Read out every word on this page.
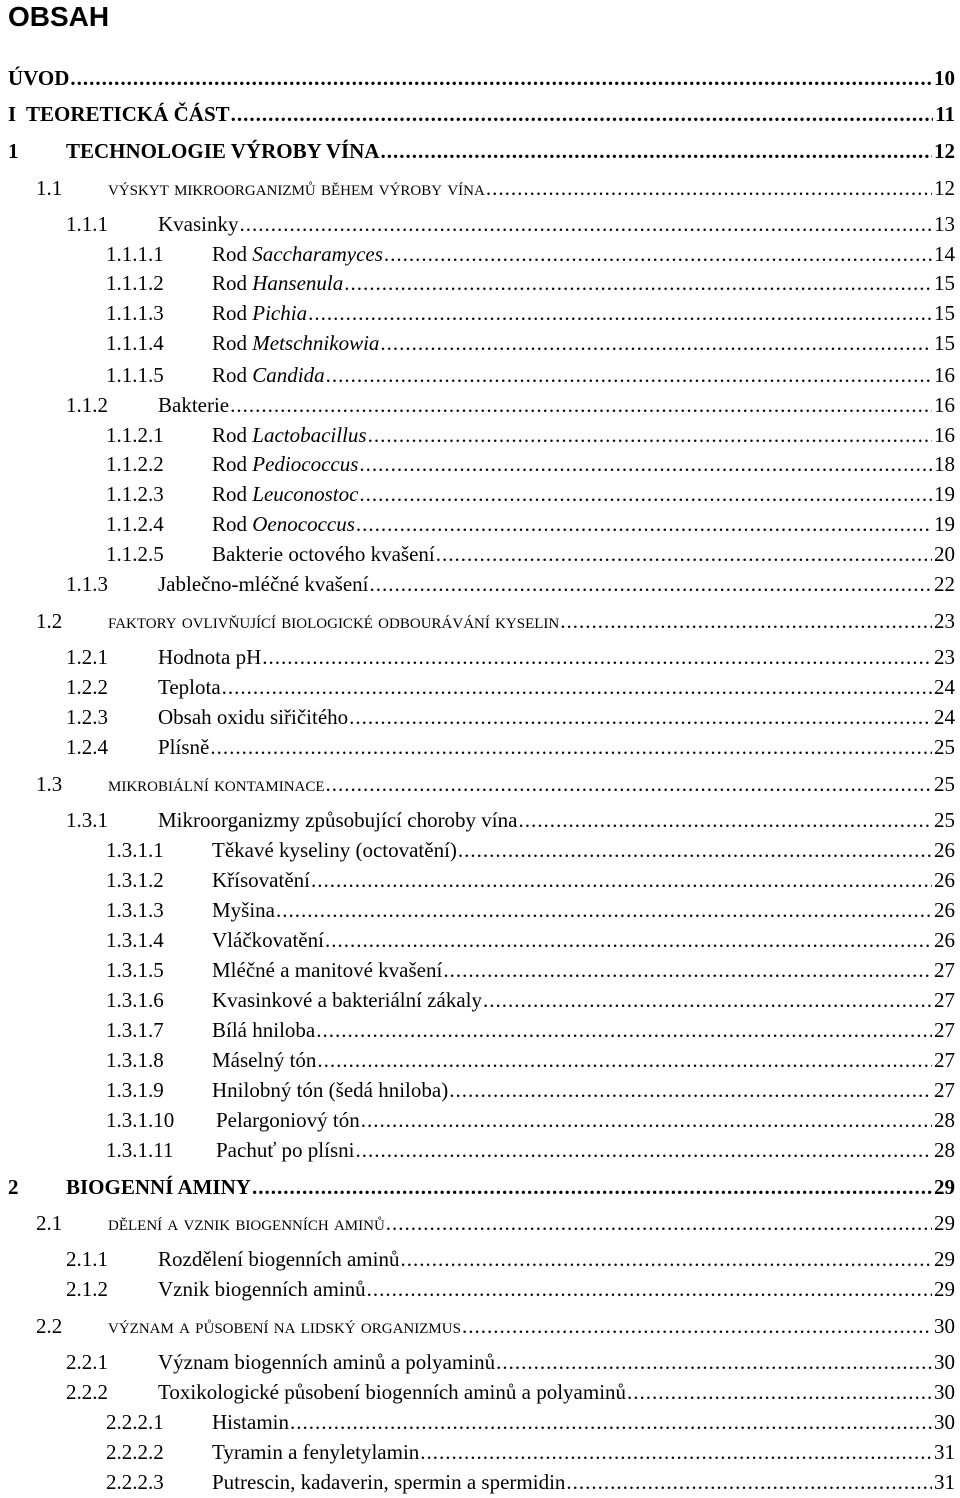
OBSAH
ÚVOD .....	10
I TEORETICKÁ ČÁST .....	11
1	TECHNOLOGIE VÝROBY VÍNA .....	12
1.1	výskyt mikroorganizmů během výroby vína .....	12
1.1.1	Kvasinky .....	13
1.1.1.1	Rod Saccharamyces .....	14
1.1.1.2	Rod Hansenula .....	15
1.1.1.3	Rod Pichia .....	15
1.1.1.4	Rod Metschnikowia .....	15
1.1.1.5	Rod Candida .....	16
1.1.2	Bakterie .....	16
1.1.2.1	Rod Lactobacillus .....	16
1.1.2.2	Rod Pediococcus .....	18
1.1.2.3	Rod Leuconostoc .....	19
1.1.2.4	Rod Oenococcus .....	19
1.1.2.5	Bakterie octového kvašení .....	20
1.1.3	Jablečno-mléčné kvašení .....	22
1.2	faktory ovlivňující biologické odbourávání kyselin .....	23
1.2.1	Hodnota pH .....	23
1.2.2	Teplota .....	24
1.2.3	Obsah oxidu siřičitého .....	24
1.2.4	Plísně .....	25
1.3	mikrobiální kontaminace .....	25
1.3.1	Mikroorganizmy způsobující choroby vína .....	25
1.3.1.1	Těkavé kyseliny (octovatění) .....	26
1.3.1.2	Křísovatění .....	26
1.3.1.3	Myšina .....	26
1.3.1.4	Vláčkovatění .....	26
1.3.1.5	Mléčné a manitové kvašení .....	27
1.3.1.6	Kvasinkové a bakteriální zákaly .....	27
1.3.1.7	Bílá hniloba .....	27
1.3.1.8	Máselný tón .....	27
1.3.1.9	Hnilobný tón (šedá hniloba) .....	27
1.3.1.10	Pelargoniový tón .....	28
1.3.1.11	Pachuť po plísni .....	28
2	BIOGENNÍ AMINY .....	29
2.1	dělení a vznik biogenních aminů .....	29
2.1.1	Rozdělení biogenních aminů .....	29
2.1.2	Vznik biogenních aminů .....	29
2.2	význam a působení na lidský organizmus .....	30
2.2.1	Význam biogenních aminů a polyaminů .....	30
2.2.2	Toxikologické působení biogenních aminů a polyaminů .....	30
2.2.2.1	Histamin .....	30
2.2.2.2	Tyramin a fenyletylamin .....	31
2.2.2.3	Putrescin, kadaverin, spermin a spermidin .....	31
